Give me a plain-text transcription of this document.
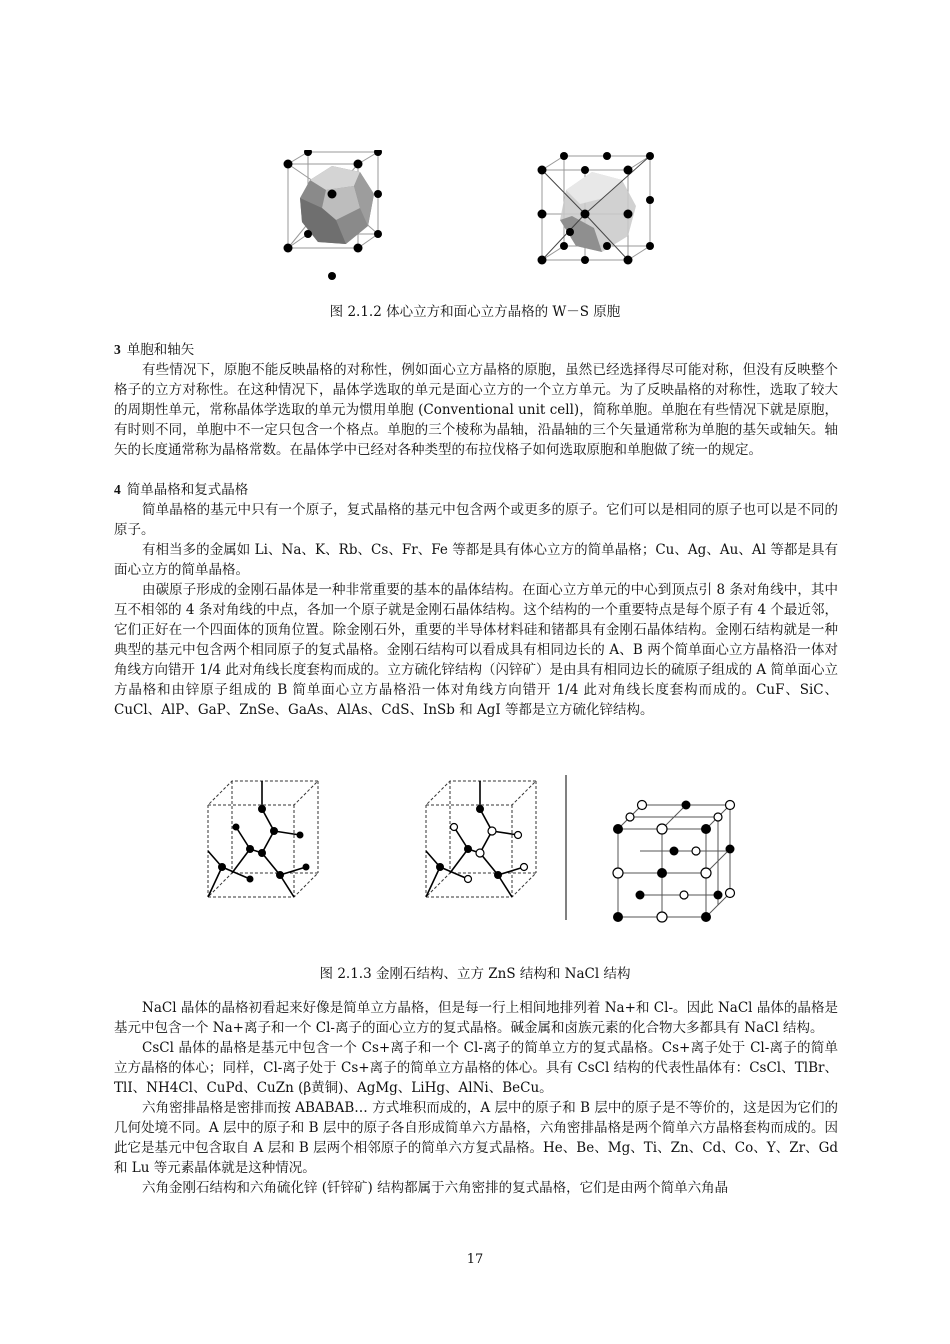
图 2.1.2 体心立方和面心立方晶格的 W－S 原胞

3 单胞和轴矢

有些情况下，原胞不能反映晶格的对称性，例如面心立方晶格的原胞，虽然已经选择得尽可能对称，但没有反映整个格子的立方对称性。在这种情况下，晶体学选取的单元是面心立方的一个立方单元。为了反映晶格的对称性，选取了较大的周期性单元，常称晶体学选取的单元为惯用单胞 (Conventional unit cell)，简称单胞。单胞在有些情况下就是原胞，有时则不同，单胞中不一定只包含一个格点。单胞的三个棱称为晶轴，沿晶轴的三个矢量通常称为单胞的基矢或轴矢。轴矢的长度通常称为晶格常数。在晶体学中已经对各种类型的布拉伐格子如何选取原胞和单胞做了统一的规定。

4 简单晶格和复式晶格

简单晶格的基元中只有一个原子，复式晶格的基元中包含两个或更多的原子。它们可以是相同的原子也可以是不同的原子。

有相当多的金属如 Li、Na、K、Rb、Cs、Fr、Fe 等都是具有体心立方的简单晶格；Cu、Ag、Au、Al 等都是具有面心立方的简单晶格。

由碳原子形成的金刚石晶体是一种非常重要的基本的晶体结构。在面心立方单元的中心到顶点引 8 条对角线中，其中互不相邻的 4 条对角线的中点，各加一个原子就是金刚石晶体结构。这个结构的一个重要特点是每个原子有 4 个最近邻，它们正好在一个四面体的顶角位置。除金刚石外，重要的半导体材料硅和锗都具有金刚石晶体结构。金刚石结构就是一种典型的基元中包含两个相同原子的复式晶格。金刚石结构可以看成具有相同边长的 A、B 两个简单面心立方晶格沿一体对角线方向错开 1/4 此对角线长度套构而成的。立方硫化锌结构（闪锌矿）是由具有相同边长的硫原子组成的 A 简单面心立方晶格和由锌原子组成的 B 简单面心立方晶格沿一体对角线方向错开 1/4 此对角线长度套构而成的。CuF、SiC、CuCl、AlP、GaP、ZnSe、GaAs、AlAs、CdS、InSb 和 AgI 等都是立方硫化锌结构。

图 2.1.3 金刚石结构、立方 ZnS 结构和 NaCl 结构

NaCl 晶体的晶格初看起来好像是简单立方晶格，但是每一行上相间地排列着 Na+和 Cl-。因此 NaCl 晶体的晶格是基元中包含一个 Na+离子和一个 Cl-离子的面心立方的复式晶格。碱金属和卤族元素的化合物大多都具有 NaCl 结构。

CsCl 晶体的晶格是基元中包含一个 Cs+离子和一个 Cl-离子的简单立方的复式晶格。Cs+离子处于 Cl-离子的简单立方晶格的体心；同样，Cl-离子处于 Cs+离子的简单立方晶格的体心。具有 CsCl 结构的代表性晶体有：CsCl、TlBr、TlI、NH4Cl、CuPd、CuZn (β黄铜)、AgMg、LiHg、AlNi、BeCu。

六角密排晶格是密排而按 ABABAB… 方式堆积而成的，A 层中的原子和 B 层中的原子是不等价的，这是因为它们的几何处境不同。A 层中的原子和 B 层中的原子各自形成简单六方晶格，六角密排晶格是两个简单六方晶格套构而成的。因此它是基元中包含取自 A 层和 B 层两个相邻原子的简单六方复式晶格。He、Be、Mg、Ti、Zn、Cd、Co、Y、Zr、Gd 和 Lu 等元素晶体就是这种情况。

六角金刚石结构和六角硫化锌 (钎锌矿) 结构都属于六角密排的复式晶格，它们是由两个简单六角晶

17
